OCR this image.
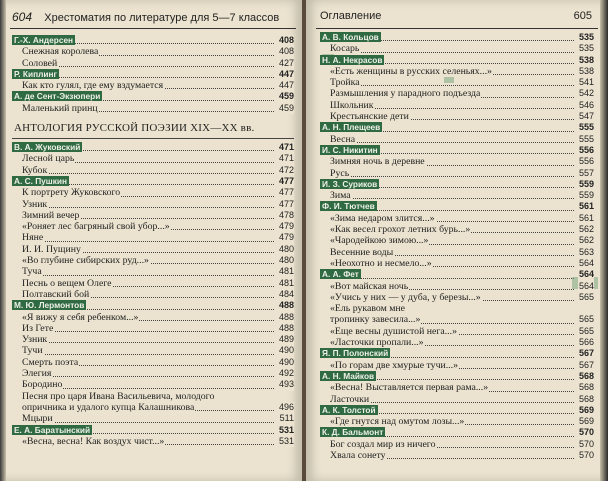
604 Хрестоматия по литературе для 5—7 классов
Г.-Х. Андерсен	408
Снежная королева	408
Соловей	427
Р. Киплинг	447
Как кто гулял, где ему вздумается	447
А. де Сент-Экзюпери	459
Маленький принц	459
АНТОЛОГИЯ РУССКОЙ ПОЭЗИИ XIX—XX вв.
В. А. Жуковский	471
Лесной царь	471
Кубок	472
А. С. Пушкин	477
К портрету Жуковского	477
Узник	477
Зимний вечер	478
«Роняет лес багряный свой убор...»	479
Няне	479
И. И. Пущину	480
«Во глубине сибирских руд...»	480
Туча	481
Песнь о вещем Олеге	481
Полтавский бой	484
М. Ю. Лермонтов	488
«Я вижу я себя ребенком...»	488
Из Гете	488
Узник	489
Тучи	490
Смерть поэта	490
Элегия	492
Бородино	493
Песня про царя Ивана Васильевича, молодого
опричника и удалого купца Калашникова	496
Мцыри	511
Е. А. Баратынский	531
«Весна, весна! Как воздух чист...»	531
Оглавление	605
А. В. Кольцов	535
Косарь	535
Н. А. Некрасов	538
«Есть женщины в русских селеньях...»	538
Тройка	541
Размышления у парадного подъезда	542
Школьник	546
Крестьянские дети	547
А. Н. Плещеев	555
Весна	555
И. С. Никитин	556
Зимняя ночь в деревне	556
Русь	557
И. З. Суриков	559
Зима	559
Ф. И. Тютчев	561
«Зима недаром злится...»	561
«Как весел грохот летних бурь...»	562
«Чародейкою зимою...»	562
Весенние воды	563
«Неохотно и несмело...»	564
А. А. Фет	564
«Вот майская ночь	564
«Учись у них — у дуба, у березы...»	565
«Ель рукавом мне
тропинку завесила...»	565
«Еще весны душистой нега...»	565
«Ласточки пропали...»	566
Я. П. Полонский	567
«По горам две хмурые тучи...»	567
А. Н. Майков	568
«Весна! Выставляется первая рама...»	568
Ласточки	568
А. К. Толстой	569
«Где гнутся над омутом лозы...»	569
К. Д. Бальмонт	570
Бог создал мир из ничего	570
Хвала сонету	570
